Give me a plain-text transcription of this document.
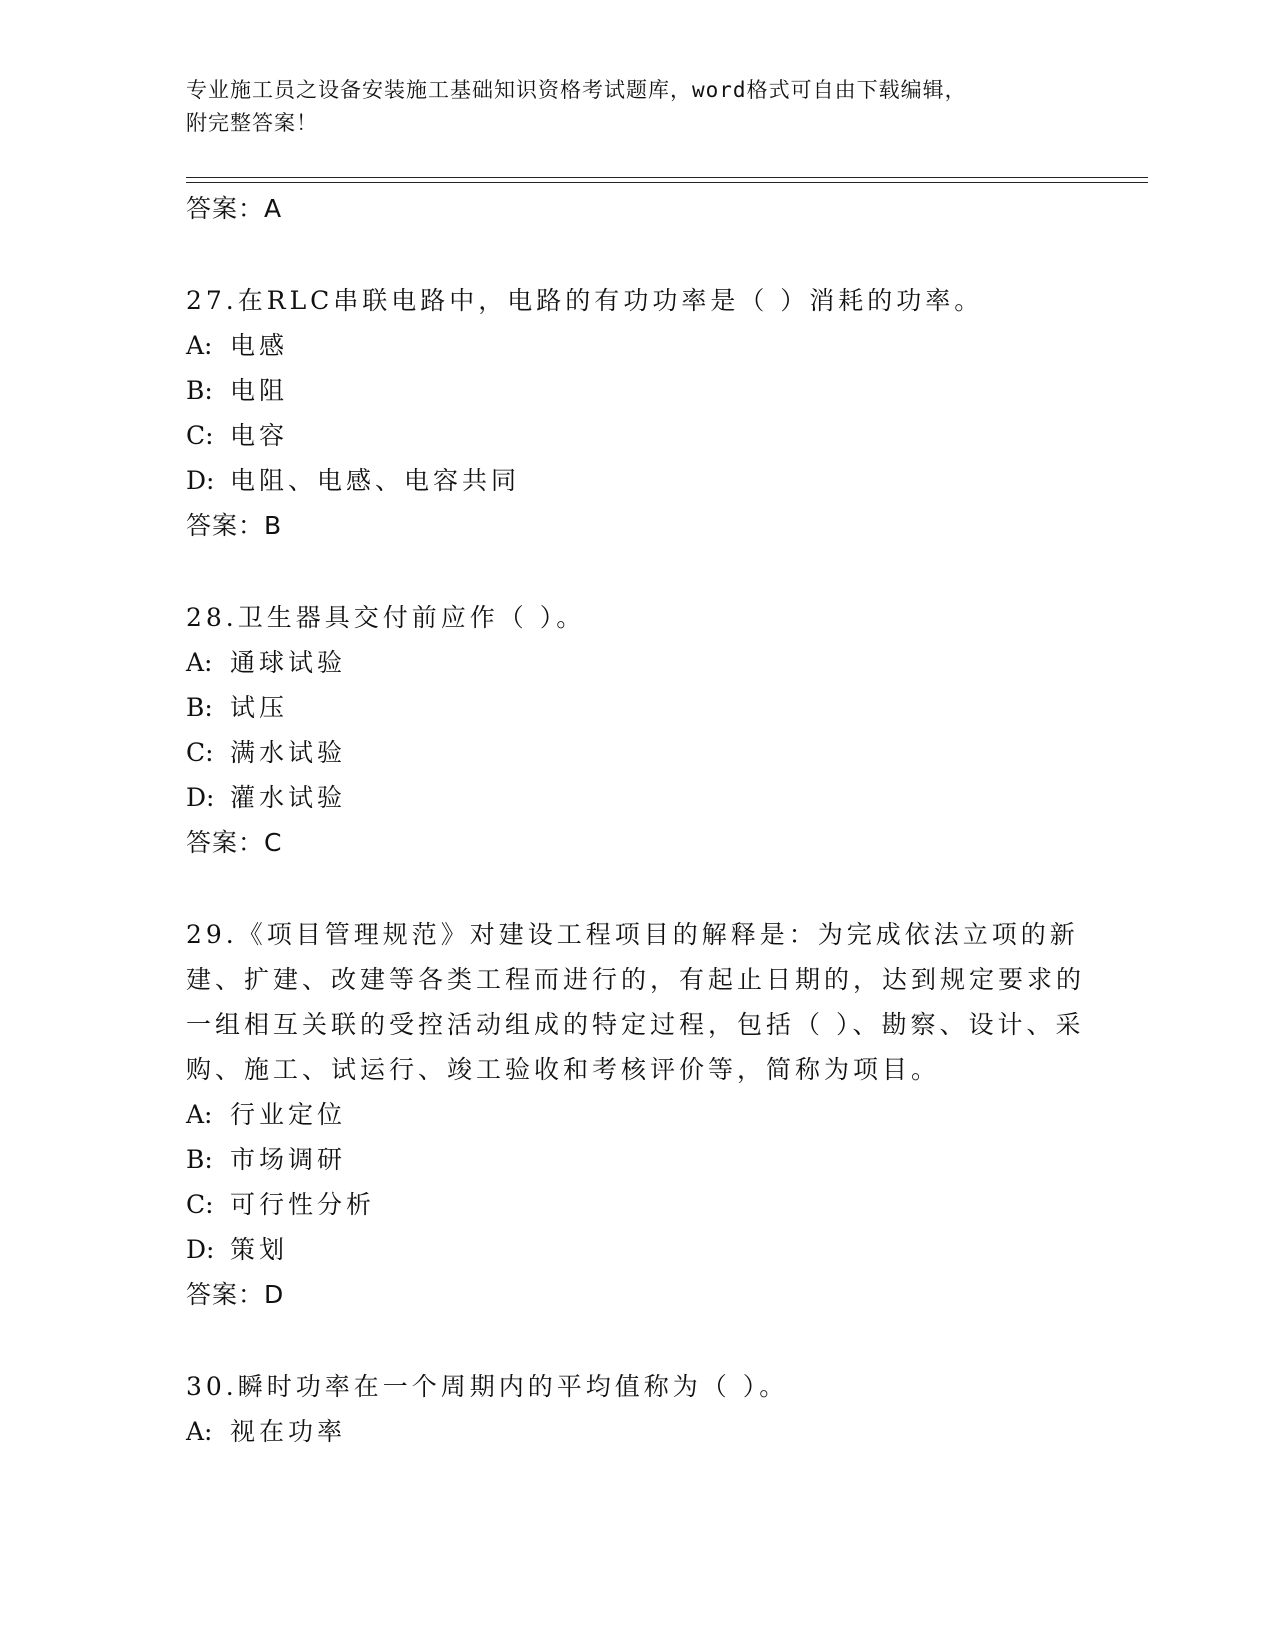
专业施工员之设备安装施工基础知识资格考试题库，word格式可自由下载编辑，
附完整答案！
答案：A
27.在RLC串联电路中，电路的有功功率是（ ）消耗的功率。
A: 电感
B: 电阻
C: 电容
D: 电阻、电感、电容共同
答案：B
28.卫生器具交付前应作（ ）。
A: 通球试验
B: 试压
C: 满水试验
D: 灌水试验
答案：C
29.《项目管理规范》对建设工程项目的解释是：为完成依法立项的新建、扩建、改建等各类工程而进行的，有起止日期的，达到规定要求的一组相互关联的受控活动组成的特定过程，包括（ ）、勘察、设计、采购、施工、试运行、竣工验收和考核评价等，简称为项目。
A: 行业定位
B: 市场调研
C: 可行性分析
D: 策划
答案：D
30.瞬时功率在一个周期内的平均值称为（ ）。
A: 视在功率
